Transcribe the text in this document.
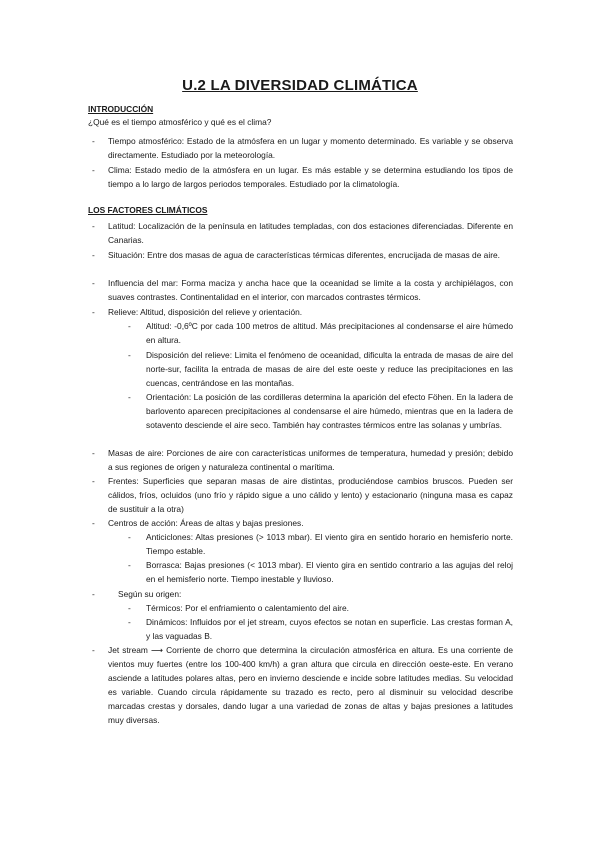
U.2 LA DIVERSIDAD CLIMÁTICA
INTRODUCCIÓN
¿Qué es el tiempo atmosférico y qué es el clima?
- Tiempo atmosférico: Estado de la atmósfera en un lugar y momento determinado. Es variable y se observa directamente. Estudiado por la meteorología.
- Clima: Estado medio de la atmósfera en un lugar. Es más estable y se determina estudiando los tipos de tiempo a lo largo de largos periodos temporales. Estudiado por la climatología.
LOS FACTORES CLIMÁTICOS
- Latitud: Localización de la península en latitudes templadas, con dos estaciones diferenciadas. Diferente en Canarias.
- Situación: Entre dos masas de agua de características térmicas diferentes, encrucijada de masas de aire.
- Influencia del mar: Forma maciza y ancha hace que la oceanidad se limite a la costa y archipiélagos, con suaves contrastes. Continentalidad en el interior, con marcados contrastes térmicos.
- Relieve: Altitud, disposición del relieve y orientación.
- Altitud: -0,6ºC por cada 100 metros de altitud. Más precipitaciones al condensarse el aire húmedo en altura.
- Disposición del relieve: Limita el fenómeno de oceanidad, dificulta la entrada de masas de aire del norte-sur, facilita la entrada de masas de aire del este oeste y reduce las precipitaciones en las cuencas, centrándose en las montañas.
- Orientación: La posición de las cordilleras determina la aparición del efecto Föhen. En la ladera de barlovento aparecen precipitaciones al condensarse el aire húmedo, mientras que en la ladera de sotavento desciende el aire seco. También hay contrastes térmicos entre las solanas y umbrías.
- Masas de aire: Porciones de aire con características uniformes de temperatura, humedad y presión; debido a sus regiones de origen y naturaleza continental o marítima.
- Frentes: Superficies que separan masas de aire distintas, produciéndose cambios bruscos. Pueden ser cálidos, fríos, ocluidos (uno frío y rápido sigue a uno cálido y lento) y estacionario (ninguna masa es capaz de sustituir a la otra)
- Centros de acción: Áreas de altas y bajas presiones.
- Anticiclones: Altas presiones (> 1013 mbar). El viento gira en sentido horario en hemisferio norte. Tiempo estable.
- Borrasca: Bajas presiones (< 1013 mbar). El viento gira en sentido contrario a las agujas del reloj en el hemisferio norte. Tiempo inestable y lluvioso.
-	Según su origen:
- Térmicos: Por el enfriamiento o calentamiento del aire.
- Dinámicos: Influidos por el jet stream, cuyos efectos se notan en superficie. Las crestas forman A, y las vaguadas B.
- Jet stream ⟶ Corriente de chorro que determina la circulación atmosférica en altura. Es una corriente de vientos muy fuertes (entre los 100-400 km/h) a gran altura que circula en dirección oeste-este. En verano asciende a latitudes polares altas, pero en invierno desciende e incide sobre latitudes medias. Su velocidad es variable. Cuando circula rápidamente su trazado es recto, pero al disminuir su velocidad describe marcadas crestas y dorsales, dando lugar a una variedad de zonas de altas y bajas presiones a latitudes muy diversas.
